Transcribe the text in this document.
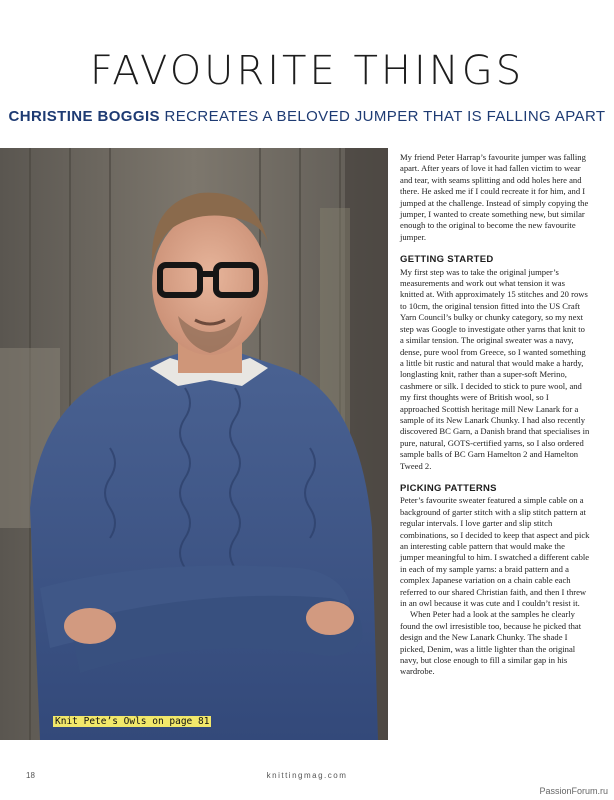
FAVOURITE THINGS
CHRISTINE BOGGIS RECREATES A BELOVED JUMPER THAT IS FALLING APART
Knit Pete’s Owls on page 81

My friend Peter Harrap’s favourite jumper was falling apart. After years of love it had fallen victim to wear and tear, with seams splitting and odd holes here and there. He asked me if I could recreate it for him, and I jumped at the challenge. Instead of simply copying the jumper, I wanted to create something new, but similar enough to the original to become the new favourite jumper.

GETTING STARTED

My first step was to take the original jumper’s measurements and work out what tension it was knitted at. With approximately 15 stitches and 20 rows to 10cm, the original tension fitted into the US Craft Yarn Council’s bulky or chunky category, so my next step was Google to investigate other yarns that knit to a similar tension. The original sweater was a navy, dense, pure wool from Greece, so I wanted something a little bit rustic and natural that would make a hardy, longlasting knit, rather than a super-soft Merino, cashmere or silk. I decided to stick to pure wool, and my first thoughts were of British wool, so I approached Scottish heritage mill New Lanark for a sample of its New Lanark Chunky. I had also recently discovered BC Garn, a Danish brand that specialises in pure, natural, GOTS-certified yarns, so I also ordered sample balls of BC Garn Hamelton 2 and Hamelton Tweed 2.

PICKING PATTERNS

Peter’s favourite sweater featured a simple cable on a background of garter stitch with a slip stitch pattern at regular intervals. I love garter and slip stitch combinations, so I decided to keep that aspect and pick an interesting cable pattern that would make the jumper meaningful to him. I swatched a different cable in each of my sample yarns: a braid pattern and a complex Japanese variation on a chain cable each referred to our shared Christian faith, and then I threw in an owl because it was cute and I couldn’t resist it.

When Peter had a look at the samples he clearly found the owl irresistible too, because he picked that design and the New Lanark Chunky. The shade I picked, Denim, was a little lighter than the original navy, but close enough to fill a similar gap in his wardrobe.

18	knittingmag.com
PassionForum.ru
